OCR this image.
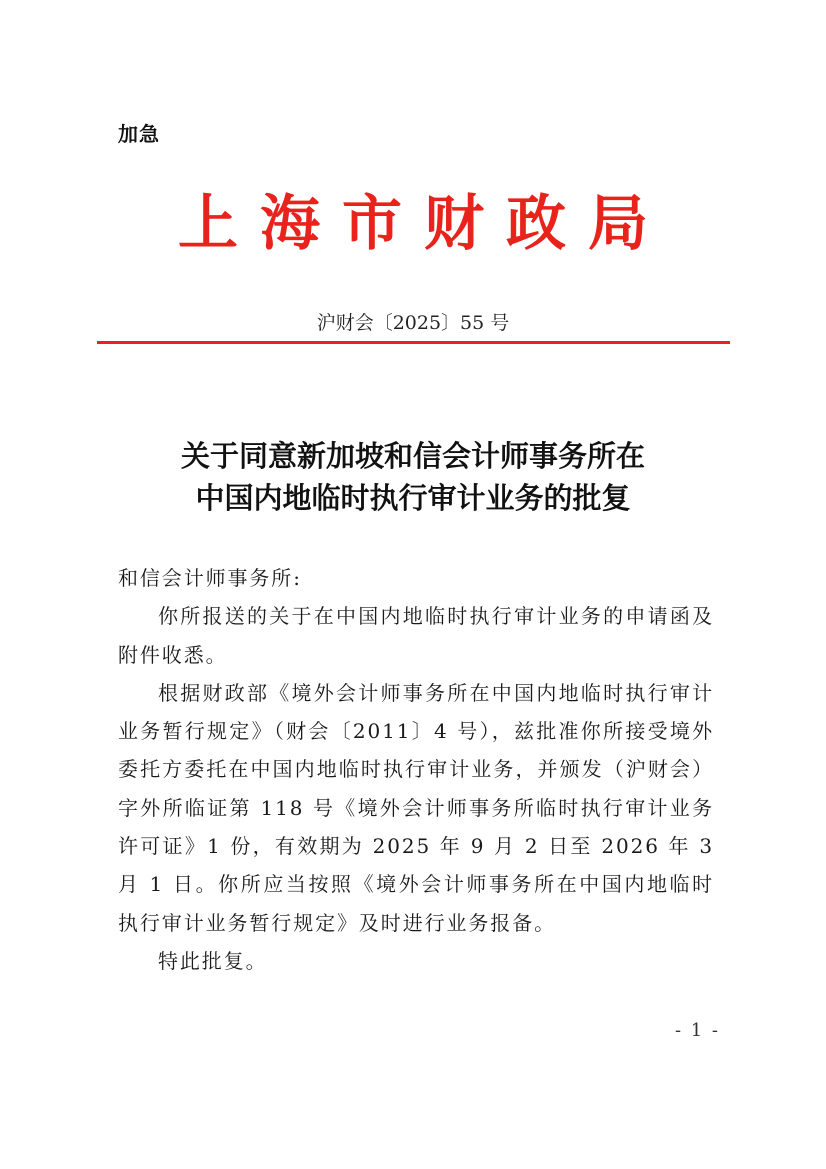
加急
上海市财政局
沪财会〔2025〕55 号
关于同意新加坡和信会计师事务所在
中国内地临时执行审计业务的批复

和信会计师事务所:

你所报送的关于在中国内地临时执行审计业务的申请函及附件收悉。

根据财政部《境外会计师事务所在中国内地临时执行审计业务暂行规定》（财会〔2011〕4 号），兹批准你所接受境外委托方委托在中国内地临时执行审计业务，并颁发（沪财会）字外所临证第 118 号《境外会计师事务所临时执行审计业务许可证》1 份，有效期为 2025 年 9 月 2 日至 2026 年 3 月 1 日。你所应当按照《境外会计师事务所在中国内地临时执行审计业务暂行规定》及时进行业务报备。

特此批复。

- 1 -
